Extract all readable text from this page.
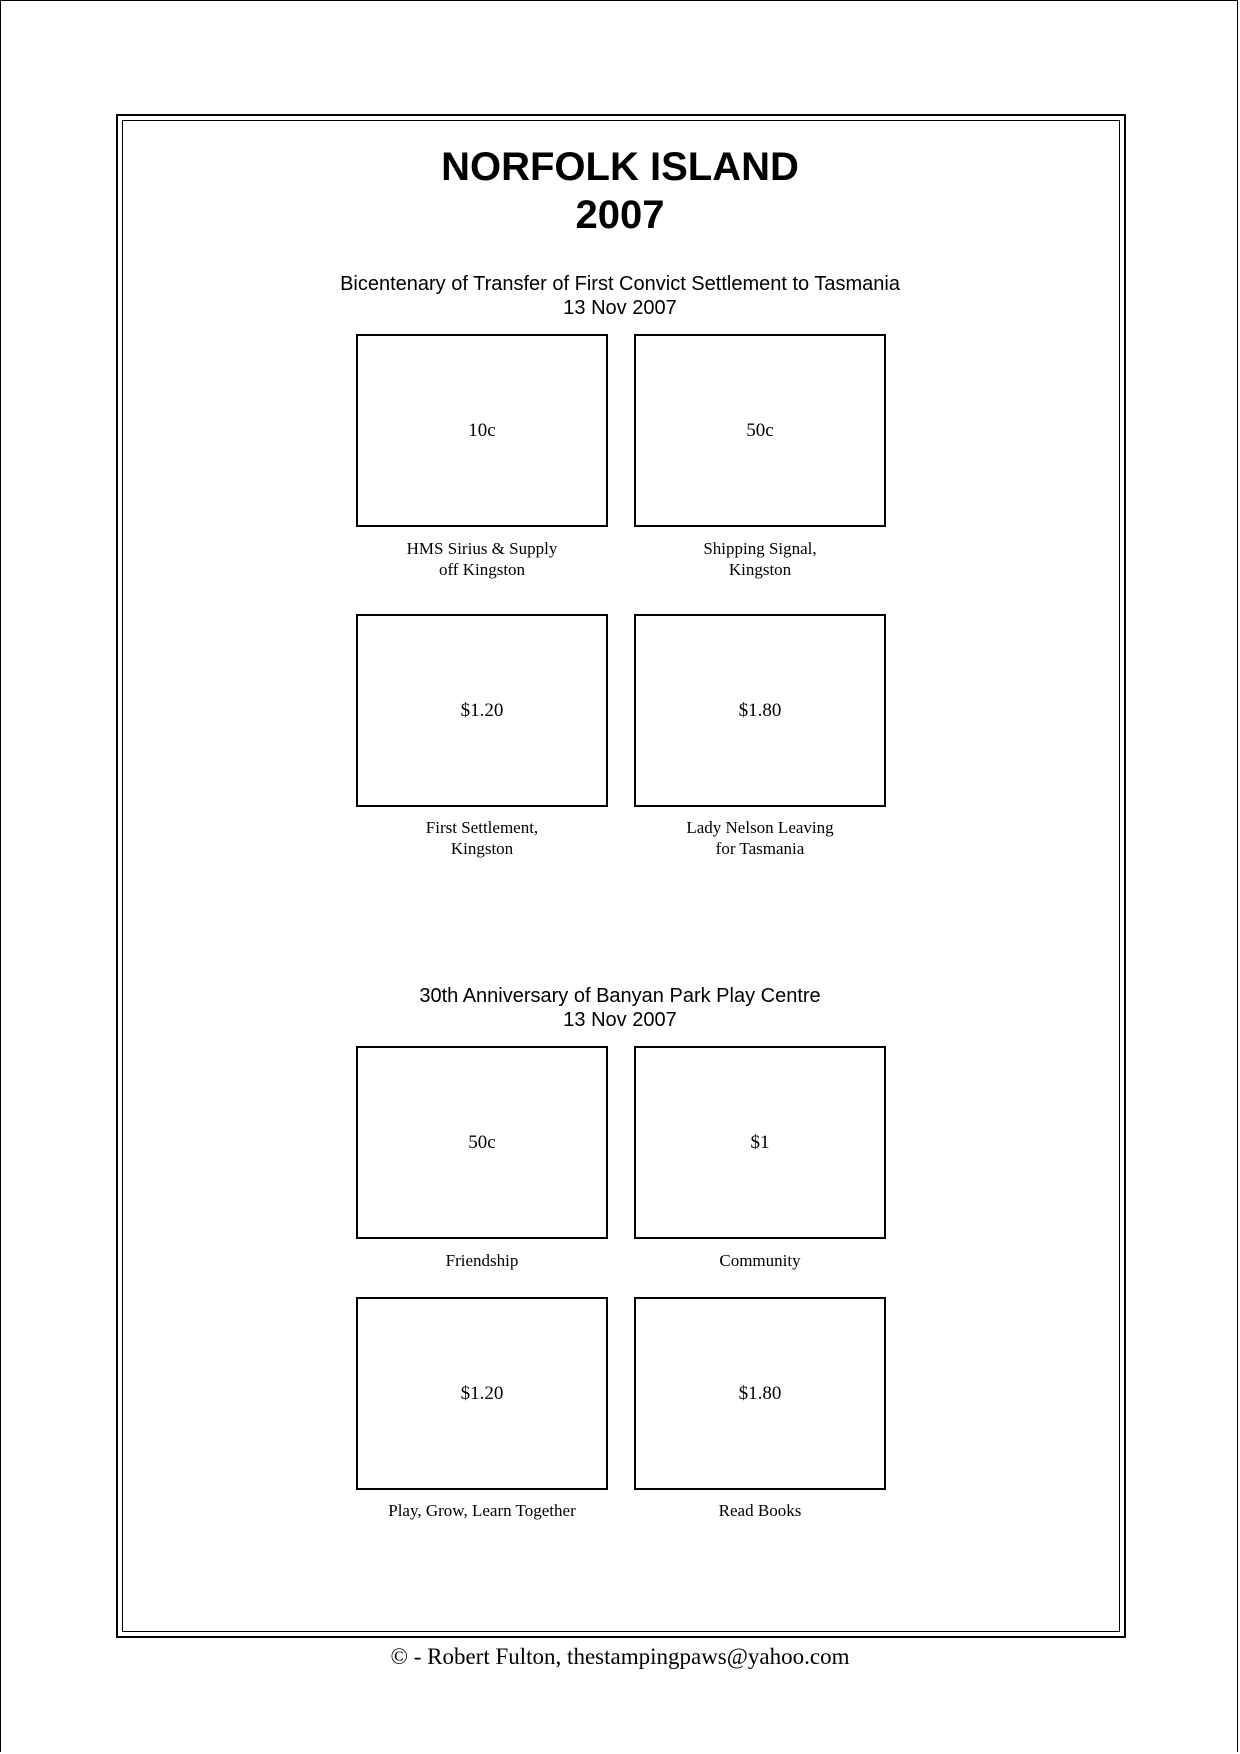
NORFOLK ISLAND
2007
Bicentenary of Transfer of First Convict Settlement to Tasmania
13 Nov 2007
10c
HMS Sirius & Supply
off Kingston
50c
Shipping Signal,
Kingston
$1.20
First Settlement,
Kingston
$1.80
Lady Nelson Leaving
for Tasmania
30th Anniversary of Banyan Park Play Centre
13 Nov 2007
50c
Friendship
$1
Community
$1.20
Play, Grow, Learn Together
$1.80
Read Books
© - Robert Fulton, thestampingpaws@yahoo.com
